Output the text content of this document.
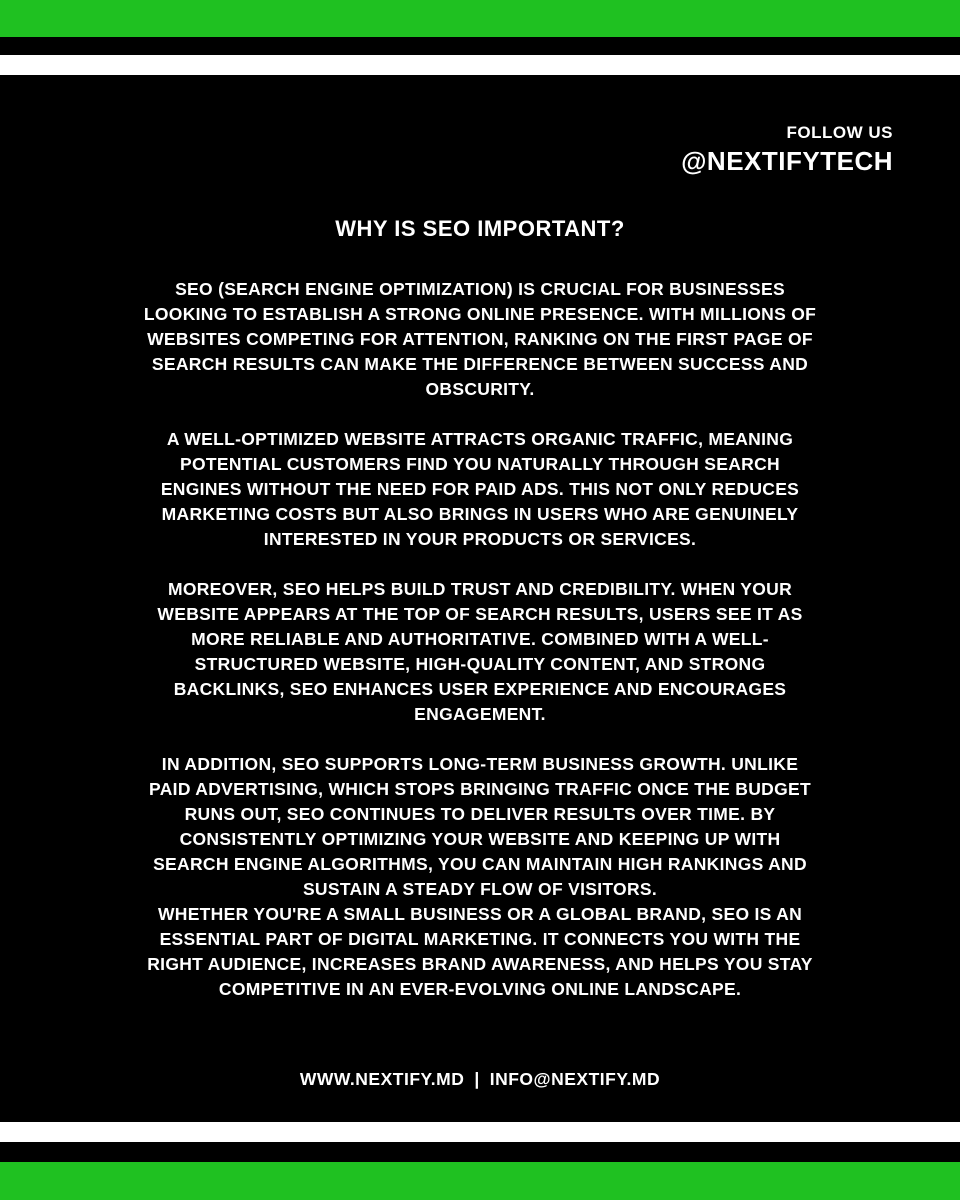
FOLLOW US
@NEXTIFYTECH
WHY IS SEO IMPORTANT?

SEO (SEARCH ENGINE OPTIMIZATION) IS CRUCIAL FOR BUSINESSES LOOKING TO ESTABLISH A STRONG ONLINE PRESENCE. WITH MILLIONS OF WEBSITES COMPETING FOR ATTENTION, RANKING ON THE FIRST PAGE OF SEARCH RESULTS CAN MAKE THE DIFFERENCE BETWEEN SUCCESS AND OBSCURITY.

A WELL-OPTIMIZED WEBSITE ATTRACTS ORGANIC TRAFFIC, MEANING POTENTIAL CUSTOMERS FIND YOU NATURALLY THROUGH SEARCH ENGINES WITHOUT THE NEED FOR PAID ADS. THIS NOT ONLY REDUCES MARKETING COSTS BUT ALSO BRINGS IN USERS WHO ARE GENUINELY INTERESTED IN YOUR PRODUCTS OR SERVICES.

MOREOVER, SEO HELPS BUILD TRUST AND CREDIBILITY. WHEN YOUR WEBSITE APPEARS AT THE TOP OF SEARCH RESULTS, USERS SEE IT AS MORE RELIABLE AND AUTHORITATIVE. COMBINED WITH A WELL-STRUCTURED WEBSITE, HIGH-QUALITY CONTENT, AND STRONG BACKLINKS, SEO ENHANCES USER EXPERIENCE AND ENCOURAGES ENGAGEMENT.

IN ADDITION, SEO SUPPORTS LONG-TERM BUSINESS GROWTH. UNLIKE PAID ADVERTISING, WHICH STOPS BRINGING TRAFFIC ONCE THE BUDGET RUNS OUT, SEO CONTINUES TO DELIVER RESULTS OVER TIME. BY CONSISTENTLY OPTIMIZING YOUR WEBSITE AND KEEPING UP WITH SEARCH ENGINE ALGORITHMS, YOU CAN MAINTAIN HIGH RANKINGS AND SUSTAIN A STEADY FLOW OF VISITORS.

WHETHER YOU'RE A SMALL BUSINESS OR A GLOBAL BRAND, SEO IS AN ESSENTIAL PART OF DIGITAL MARKETING. IT CONNECTS YOU WITH THE RIGHT AUDIENCE, INCREASES BRAND AWARENESS, AND HELPS YOU STAY COMPETITIVE IN AN EVER-EVOLVING ONLINE LANDSCAPE.

WWW.NEXTIFY.MD | INFO@NEXTIFY.MD
